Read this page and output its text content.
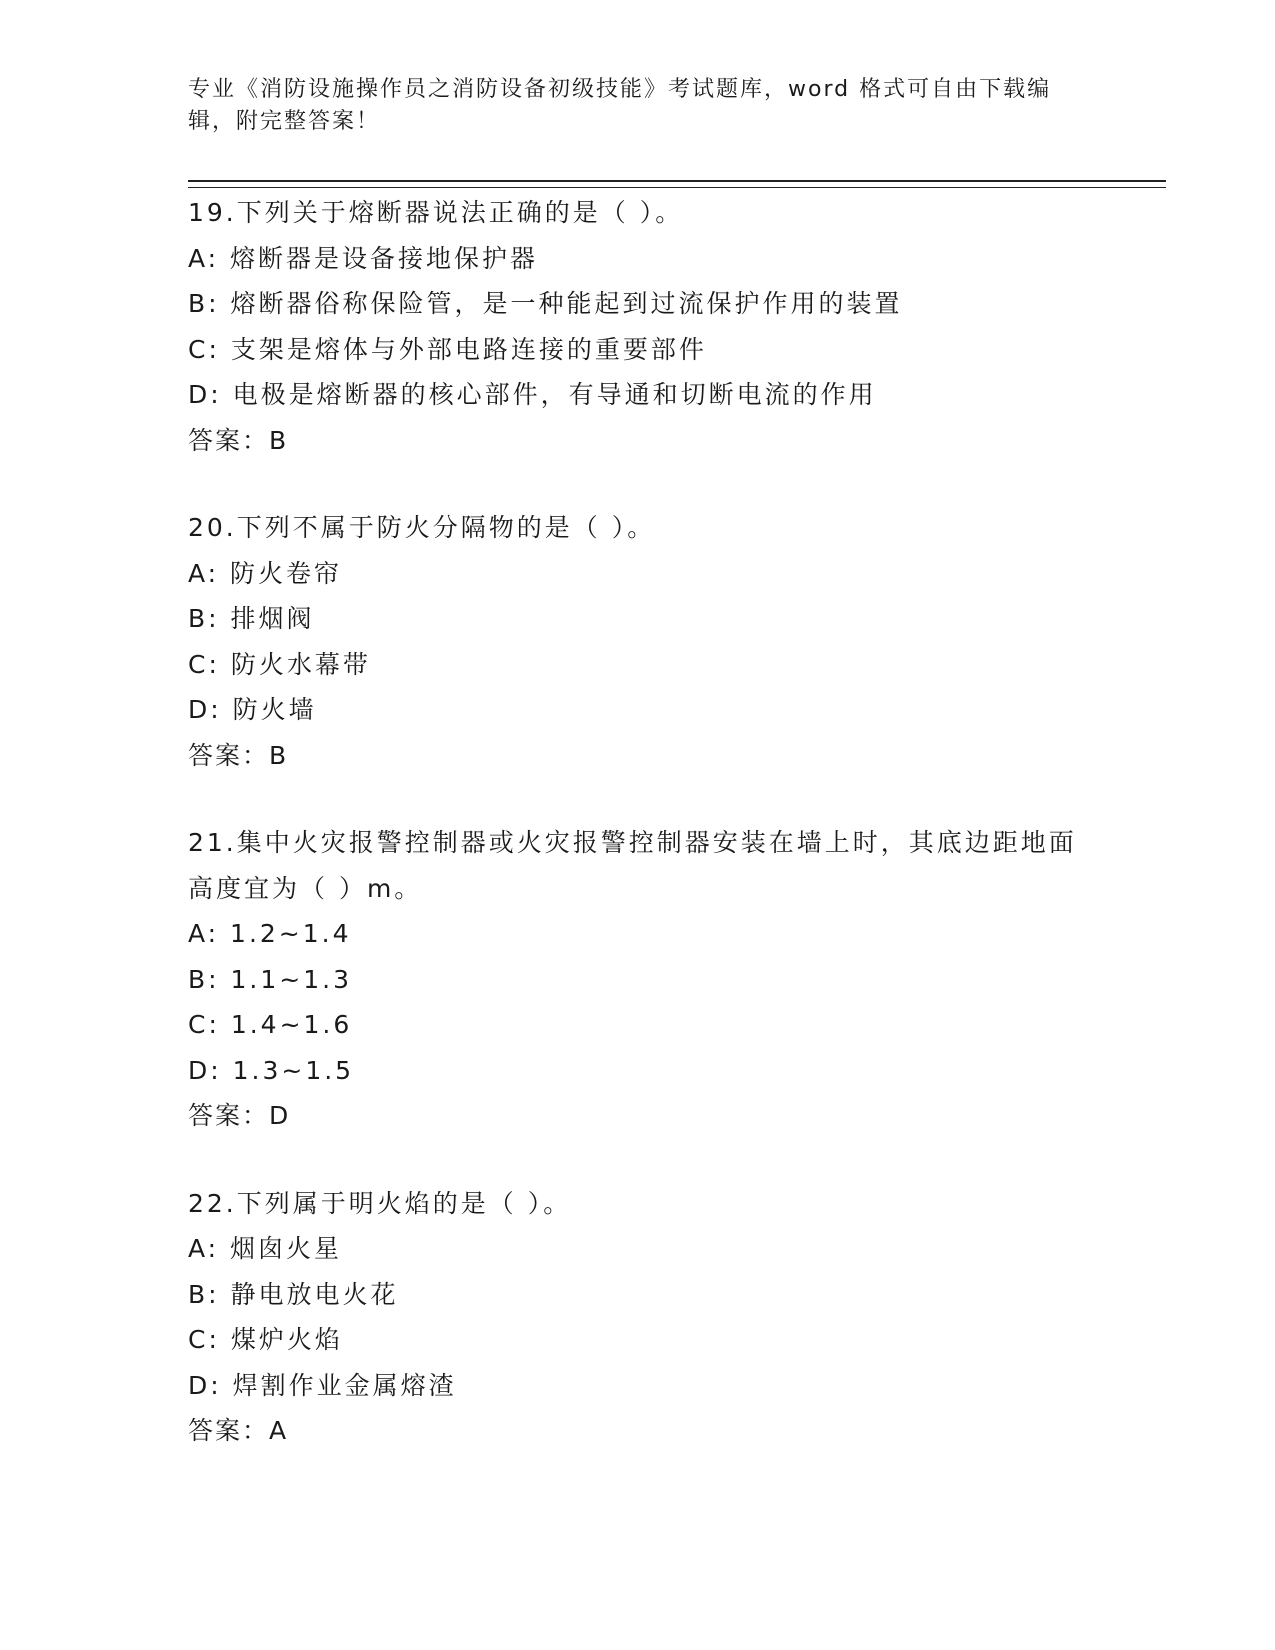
专业《消防设施操作员之消防设备初级技能》考试题库，word 格式可自由下载编辑，附完整答案！
19.下列关于熔断器说法正确的是（ ）。
A: 熔断器是设备接地保护器
B: 熔断器俗称保险管，是一种能起到过流保护作用的装置
C: 支架是熔体与外部电路连接的重要部件
D: 电极是熔断器的核心部件，有导通和切断电流的作用
答案：B
20.下列不属于防火分隔物的是（ ）。
A: 防火卷帘
B: 排烟阀
C: 防火水幕带
D: 防火墙
答案：B
21.集中火灾报警控制器或火灾报警控制器安装在墙上时，其底边距地面高度宜为（ ）m。
A: 1.2~1.4
B: 1.1~1.3
C: 1.4~1.6
D: 1.3~1.5
答案：D
22.下列属于明火焰的是（ ）。
A: 烟囱火星
B: 静电放电火花
C: 煤炉火焰
D: 焊割作业金属熔渣
答案：A
